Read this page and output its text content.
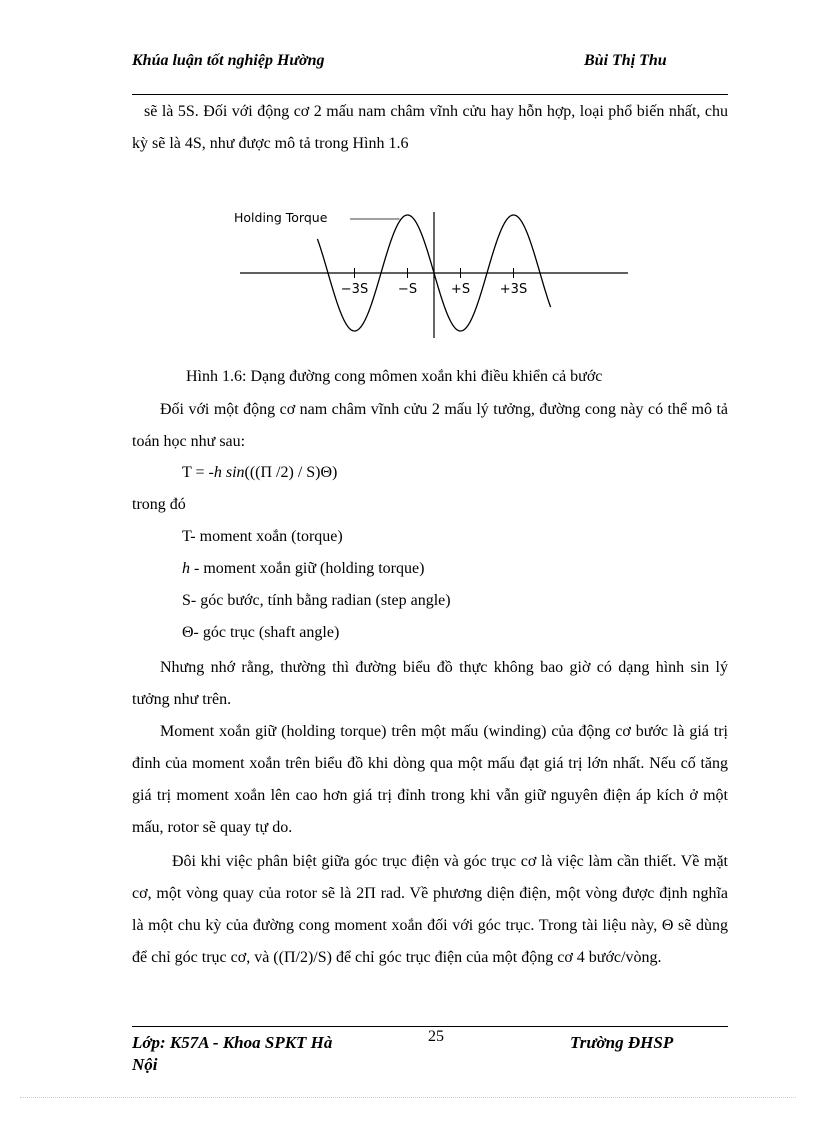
Khúa luận tốt nghiệp Hường	Bùi Thị Thu
sẽ là 5S. Đối với động cơ 2 mấu nam châm vĩnh cửu hay hỗn hợp, loại phổ biến nhất, chu kỳ sẽ là 4S, như được mô tả trong Hình 1.6
Holding Torque
−3S −S	+S +3S
Hình 1.6: Dạng đường cong mômen xoắn khi điều khiển cả bước
Đối với một động cơ nam châm vĩnh cửu 2 mấu lý tưởng, đường cong này có thể mô tả toán học như sau:
T = -h sin(((Π /2) / S)Θ)
trong đó
T- moment xoắn (torque)
h - moment xoắn giữ (holding torque)
S- góc bước, tính bằng radian (step angle)
Θ- góc trục (shaft angle)
Nhưng nhớ rằng, thường thì đường biểu đồ thực không bao giờ có dạng hình sin lý tưởng như trên.
Moment xoắn giữ (holding torque) trên một mấu (winding) của động cơ bước là giá trị đỉnh của moment xoắn trên biểu đồ khi dòng qua một mấu đạt giá trị lớn nhất. Nếu cố tăng giá trị moment xoắn lên cao hơn giá trị đỉnh trong khi vẫn giữ nguyên điện áp kích ở một mấu, rotor sẽ quay tự do.
Đôi khi việc phân biệt giữa góc trục điện và góc trục cơ là việc làm cần thiết. Về mặt cơ, một vòng quay của rotor sẽ là 2Π rad. Về phương diện điện, một vòng được định nghĩa là một chu kỳ của đường cong moment xoắn đối với góc trục. Trong tài liệu này, Θ sẽ dùng để chỉ góc trục cơ, và ((Π/2)/S) để chỉ góc trục điện của một động cơ 4 bước/vòng.
Lớp: K57A - Khoa SPKT Hà Nội
25	Trường ĐHSP
